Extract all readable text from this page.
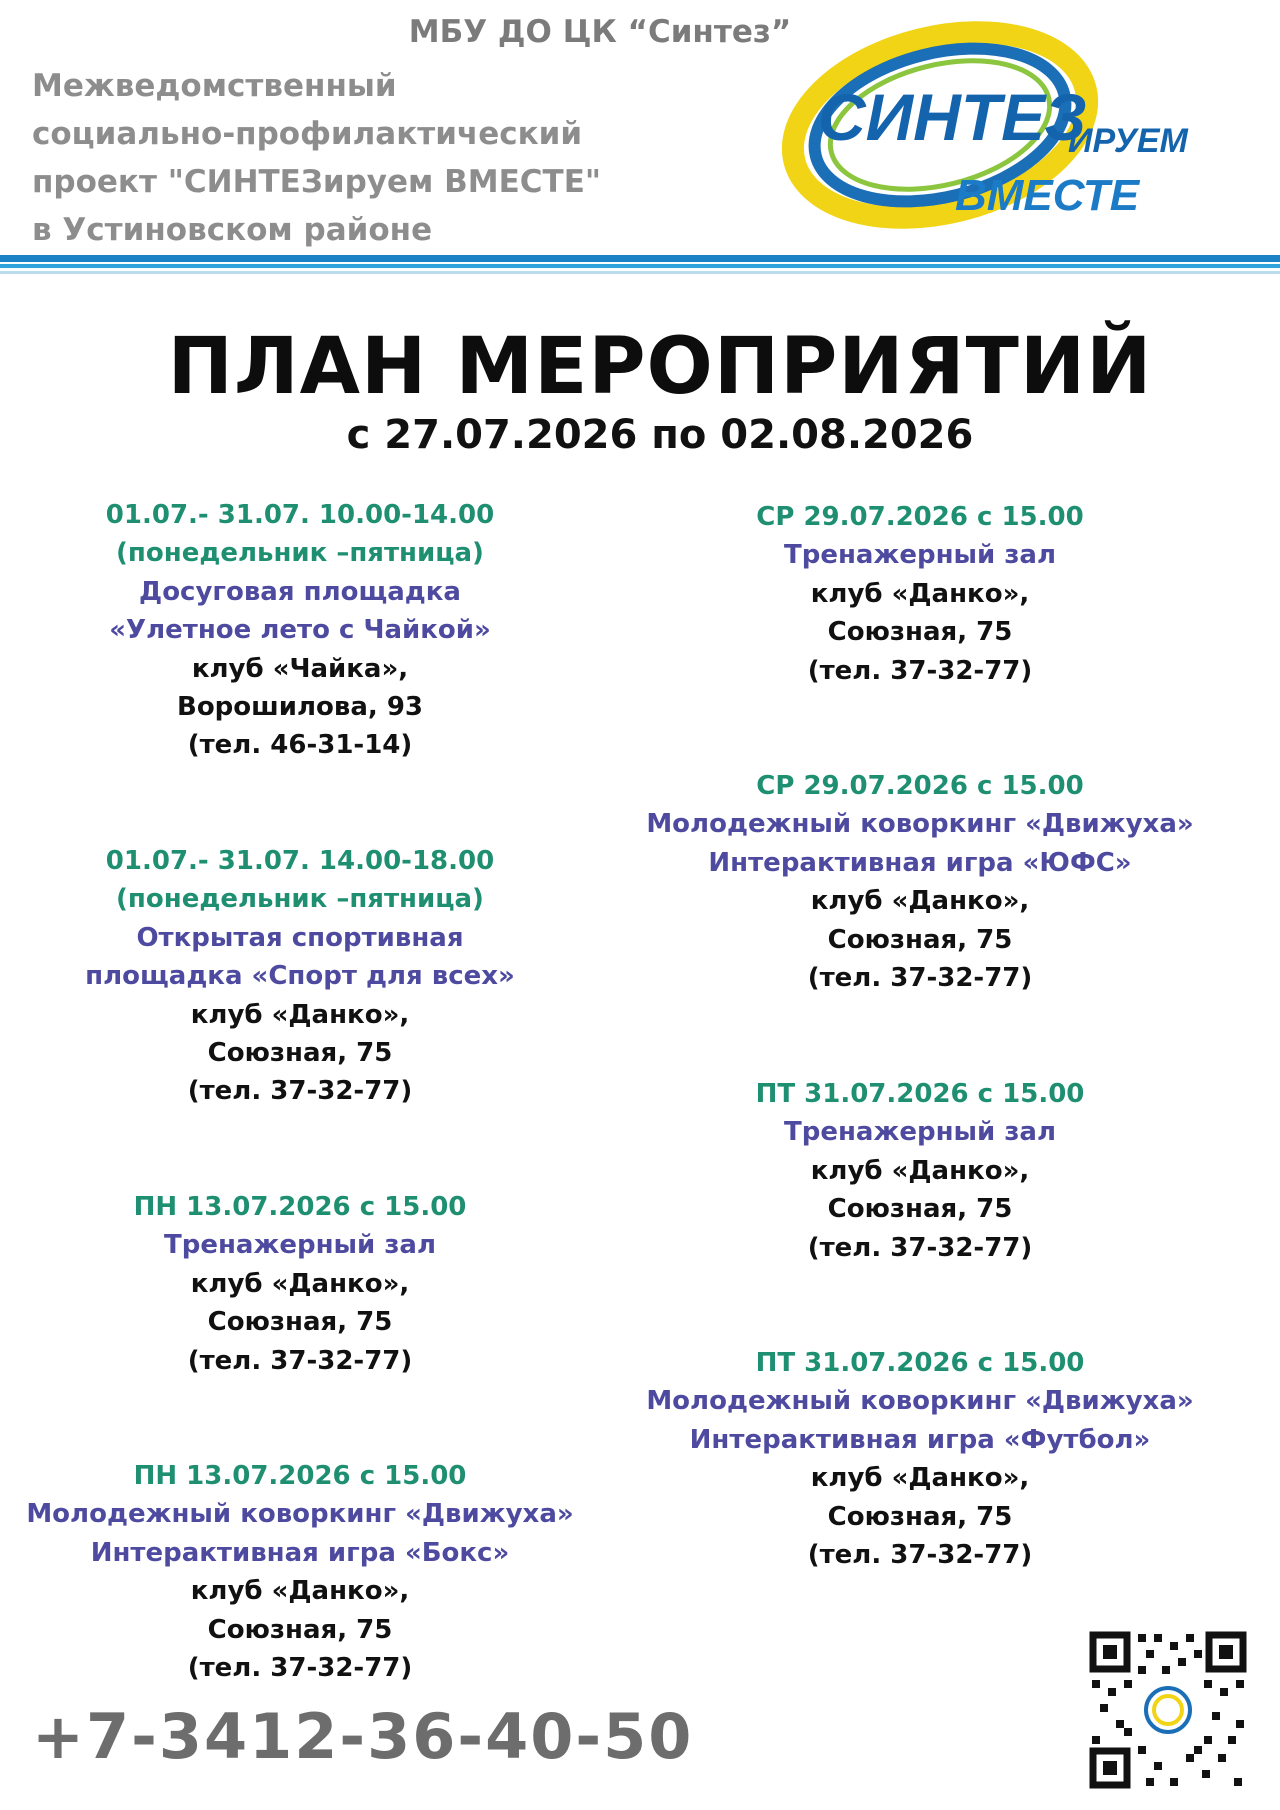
МБУ ДО ЦК “Синтез”
Межведомственный
социально-профилактический
проект "СИНТЕЗируем ВМЕСТЕ"
в Устиновском районе
СИНТЕЗ
ИРУЕМ
ВМЕСТЕ
ПЛАН МЕРОПРИЯТИЙ
с 27.07.2026 по 02.08.2026
01.07.- 31.07. 10.00-14.00
(понедельник –пятница)
Досуговая площадка
«Улетное лето с Чайкой»
клуб «Чайка»,
Ворошилова, 93
(тел. 46-31-14)
01.07.- 31.07. 14.00-18.00
(понедельник –пятница)
Открытая спортивная
площадка «Спорт для всех»
клуб «Данко»,
Союзная, 75
(тел. 37-32-77)
ПН 13.07.2026 с 15.00
Тренажерный зал
клуб «Данко»,
Союзная, 75
(тел. 37-32-77)
ПН 13.07.2026 с 15.00
Молодежный коворкинг «Движуха»
Интерактивная игра «Бокс»
клуб «Данко»,
Союзная, 75
(тел. 37-32-77)
СР 29.07.2026 с 15.00
Тренажерный зал
клуб «Данко»,
Союзная, 75
(тел. 37-32-77)
СР 29.07.2026 с 15.00
Молодежный коворкинг «Движуха»
Интерактивная игра «ЮФС»
клуб «Данко»,
Союзная, 75
(тел. 37-32-77)
ПТ 31.07.2026 с 15.00
Тренажерный зал
клуб «Данко»,
Союзная, 75
(тел. 37-32-77)
ПТ 31.07.2026 с 15.00
Молодежный коворкинг «Движуха»
Интерактивная игра «Футбол»
клуб «Данко»,
Союзная, 75
(тел. 37-32-77)
+7-3412-36-40-50
